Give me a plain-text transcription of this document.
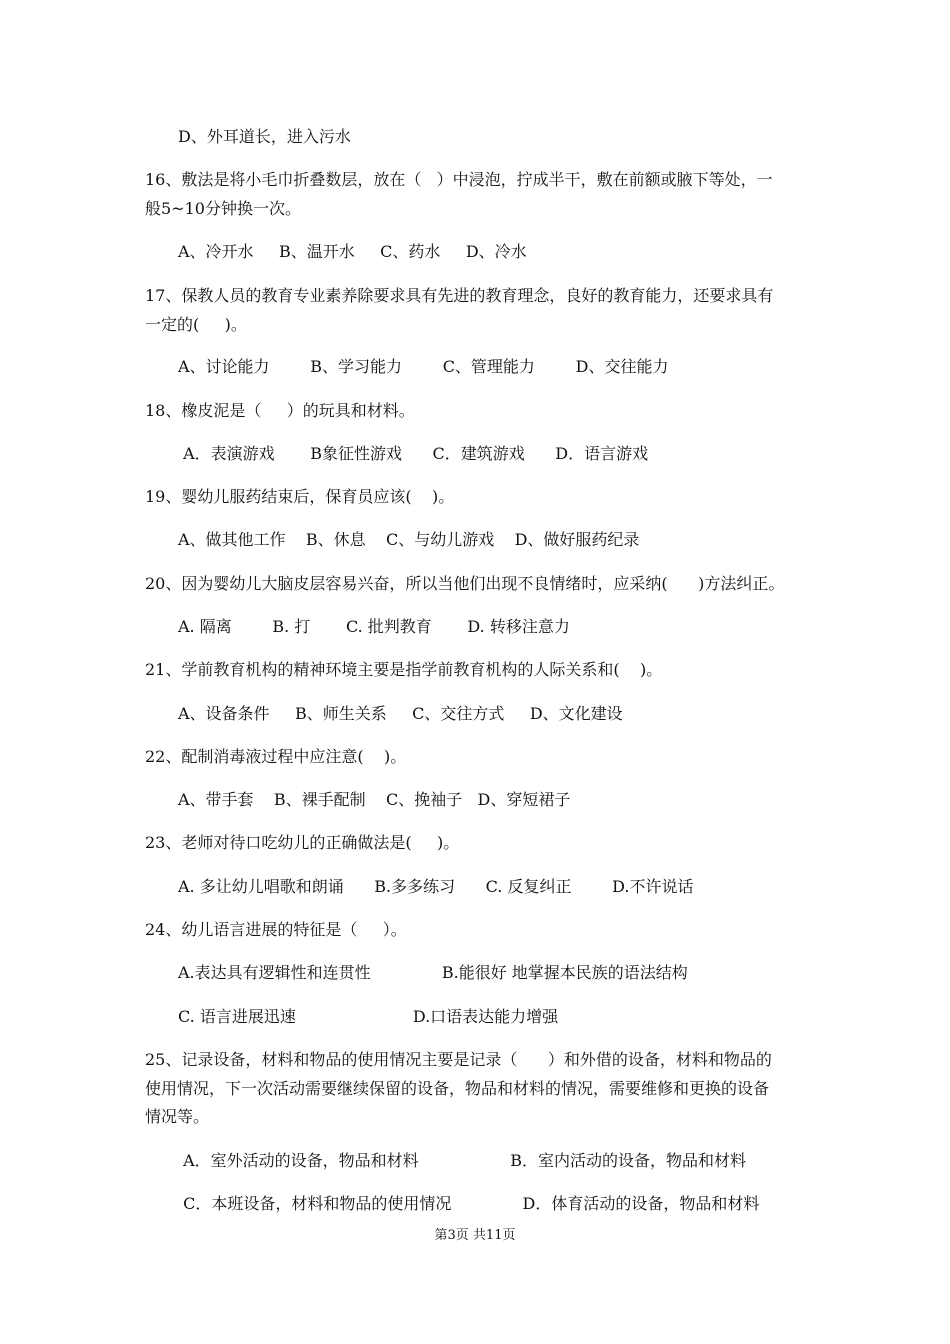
D、外耳道长，进入污水
16、敷法是将小毛巾折叠数层，放在（   ）中浸泡，拧成半干，敷在前额或腋下等处，一
般5~10分钟换一次。
A、冷开水     B、温开水     C、药水     D、冷水
17、保教人员的教育专业素养除要求具有先进的教育理念，良好的教育能力，还要求具有
一定的(     )。
A、讨论能力        B、学习能力        C、管理能力        D、交往能力
18、橡皮泥是（     ）的玩具和材料。
A．表演游戏       B象征性游戏      C．建筑游戏      D．语言游戏
19、婴幼儿服药结束后，保育员应该(    )。
A、做其他工作    B、休息    C、与幼儿游戏    D、做好服药纪录
20、因为婴幼儿大脑皮层容易兴奋，所以当他们出现不良情绪时，应采纳(      )方法纠正。
A. 隔离        B. 打       C. 批判教育       D. 转移注意力
21、学前教育机构的精神环境主要是指学前教育机构的人际关系和(    )。
A、设备条件     B、师生关系     C、交往方式     D、文化建设
22、配制消毒液过程中应注意(    )。
A、带手套    B、裸手配制    C、挽袖子   D、穿短裙子
23、老师对待口吃幼儿的正确做法是(     )。
A. 多让幼儿唱歌和朗诵      B.多多练习      C. 反复纠正        D.不许说话
24、幼儿语言进展的特征是（     ）。
A.表达具有逻辑性和连贯性              B.能很好 地掌握本民族的语法结构
C. 语言进展迅速                       D.口语表达能力增强
25、记录设备，材料和物品的使用情况主要是记录（      ）和外借的设备，材料和物品的
使用情况，下一次活动需要继续保留的设备，物品和材料的情况，需要维修和更换的设备
情况等。
A．室外活动的设备，物品和材料                  B．室内活动的设备，物品和材料
C．本班设备，材料和物品的使用情况              D．体育活动的设备，物品和材料
第3页 共11页
